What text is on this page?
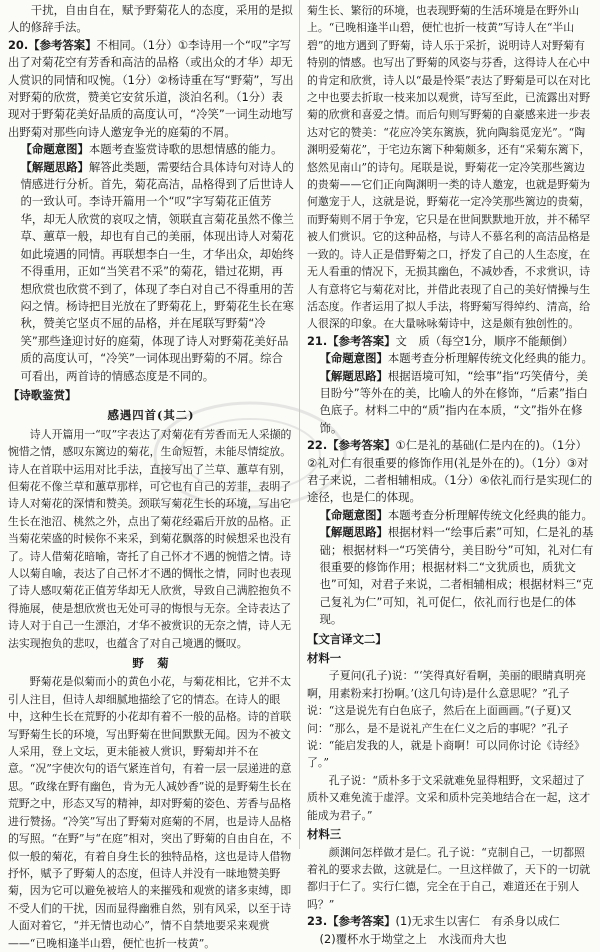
干扰，自由自在，赋予野菊花人的态度，采用的是拟人的修辞手法。

20.【参考答案】不相同。（1分）①李诗用一个“叹”字写出了对菊花空有芳香和高洁的品格（或出众的才华）却无人赏识的同情和叹惋。（1分）②杨诗重在写“野菊”，写出对野菊的欣赏，赞美它安贫乐道，淡泊名利。（1分）表现对于野菊花美好品质的高度认可，“冷笑”一词生动地写出野菊对那些向诗人邀宠争光的庭菊的不屑。

【命题意图】本题考查鉴赏诗歌的思想情感的能力。

【解题思路】解答此类题，需要结合具体诗句对诗人的情感进行分析。首先，菊花高洁，品格得到了后世诗人的一致认可。李诗开篇用一个“叹”字写菊花正值芳华，却无人欣赏的哀叹之情，领联直言菊花虽然不像兰草、蕙草一般，却也有自己的美丽，体现出诗人对菊花如此境遇的同情。再联想李白一生，才华出众，却始终不得重用，正如“当笑君不采”的菊花，错过花期，再想欣赏也欣赏不到了，体现了李白对自己不得重用的苦闷之情。杨诗把目光放在了野菊花上，野菊花生长在寒秋，赞美它坚贞不屈的品格，并在尾联写野菊“冷笑”那些逢迎讨好的庭菊，体现了诗人对野菊花美好品质的高度认可，“冷笑”一词体现出野菊的不屑。综合可看出，两首诗的情感态度是不同的。

【诗歌鉴赏】

感遇四首(其二)

诗人开篇用一“叹”字表达了对菊花有芳香而无人采撷的惋惜之情，感叹东篱边的菊花，生命短暂，未能尽情绽放。诗人在首联中运用对比手法，直接写出了兰草、蕙草有别，但菊花不像兰草和蕙草那样，可它也有自己的芳菲，表明了诗人对菊花的深情和赞美。颈联写菊花生长的环境，写出它生长在池沼、桃然之外，点出了菊花经霜后开放的品格。正当菊花荣盛的时候你不来采，到菊花飘落的时候想采也没有了。诗人借菊花暗喻，寄托了自己怀才不遇的惋惜之情。诗人以菊自喻，表达了自己怀才不遇的惆怅之情，同时也表现了诗人感叹菊花正值芳华却无人欣赏，导致自己满腔抱负不得施展，使是想欣赏也无处可寻的悔恨与无奈。全诗表达了诗人对于自己一生漂泊，才华不被赏识的无奈之情，诗人无法实现抱负的悲叹，也蕴含了对自己境遇的慨叹。

野　菊

野菊花是似菊而小的黄色小花，与菊花相比，它并不太引人注目，但诗人却细腻地描绘了它的情态。在诗人的眼中，这种生长在荒野的小花却有着不一般的品格。诗的首联写野菊生长的环境，写出野菊在世间默默无闻。因为不被文人采用，登上文坛，更未能被人赏识，野菊却并不在意。“况”字使次句的语气紧连首句，有着一层一层递进的意思。“政缘在野有幽色，肯为无人减妙香”说的是野菊生长在荒野之中，形态又写的精神，却对野菊的姿色、芳香与品格进行赞扬。“冷笑”写出了野菊对庭菊的不屑，也是诗人品格的写照。“在野”与“在庭”相对，突出了野菊的自由自在，不似一般的菊花，有着自身生长的独特品格，这也是诗人借物抒怀，赋予了野菊人的态度，但诗人并没有一昧地赞美野菊，因为它可以避免被培人的来摧残和观赏的诸多束缚，即不受人们的干扰，因而显得幽雅自然，别有风采，以至于诗人面对着它，“并无情也动心”，情不自禁地要采来观赏——“已晚相逢半山碧，便忙也折一枝黄”。

菊生长、繁衍的环境，也表现野菊的生活环境是在野外山上。“已晚相逢半山碧，便忙也折一枝黄”写诗人在“半山碧”的地方遇到了野菊，诗人乐于采折，说明诗人对野菊有特别的情感。也写出了野菊的风姿与芬香，这得诗人在心中的肯定和欣赏，诗人以“最是怜渠”表达了野菊是可以在对比之中也要去折取一枝来加以观赏，诗写至此，已流露出对野菊的欣赏和喜爱之情。而后句则写野菊的自豪感来进一步表达对它的赞美：“花应冷笑东篱族，犹向陶翁觅宠光”。“陶渊明爱菊花”，于宅边东篱下种菊颇多，还有“采菊东篱下，悠然见南山”的诗句。尾联是说，野菊花一定冷笑那些篱边的贵菊——它们正向陶渊明一类的诗人邀宠，也就是野菊为何邀宠于人，这就是说，野菊花一定冷笑那些篱边的贵菊，而野菊则不屑于争宠，它只是在世间默默地开放，并不稀罕被人们赏识。它的这种品格，与诗人不慕名利的高洁品格是一致的。诗人正是借野菊之口，抒发了自己的人生态度，在无人看重的情况下，无损其幽色，不减妙香，不求赏识，诗人有意将它与菊花对比，并借此表现了自己的美好情操与生活态度。作者运用了拟人手法，将野菊写得绰约、清高，给人很深的印象。在大量咏咏菊诗中，这是颇有独创性的。

21.【参考答案】文　质（每空1分，顺序不能颠倒）

【命题意图】本题考查分析理解传统文化经典的能力。

【解题思路】根据语境可知，“绘事”指“巧笑倩兮，美目盼兮”等外在的美，比喻人的外在修饰，“后素”指白色底子。材料二中的“质”指内在本质，“文”指外在修饰。

22.【参考答案】①仁是礼的基础(仁是内在的)。（1分）②礼对仁有很重要的修饰作用(礼是外在的)。（1分）③对君子来说，二者相辅相成。（1分）④依礼而行是实现仁的途径，也是仁的体现。

【命题意图】本题考查分析理解传统文化经典的能力。

【解题思路】根据材料一“绘事后素”可知，仁是礼的基础；根据材料一“巧笑倩兮，美目盼兮”可知，礼对仁有很重要的修饰作用；根据材料二“文犹质也，质犹文也”可知，对君子来说，二者相辅相成；根据材料三“克己复礼为仁”可知，礼可促仁，依礼而行也是仁的体现。

【文言译文二】

材料一

子夏问(孔子)说：“‘笑得真好看啊，美丽的眼睛真明亮啊，用素粉来打扮啊。’(这几句诗)是什么意思呢？”孔子说：“这是说先有白色底子，然后在上面画画。”(子夏)又问：“那么，是不是说礼产生在仁义之后的事呢？”孔子说：“能启发我的人，就是卜商啊！可以同你讨论《诗经》了。”

孔子说：“质朴多于文采就难免显得粗野，文采超过了质朴又难免流于虚浮。文采和质朴完美地结合在一起，这才能成为君子。”

材料三

颜渊问怎样做才是仁。孔子说：“克制自己，一切都照着礼的要求去做，这就是仁。一旦这样做了，天下的一切就都归于仁了。实行仁德，完全在于自己，难道还在于别人吗？”

23.【参考答案】(1)无求生以害仁　有杀身以成仁

(2)覆杯水于坳堂之上　水浅而舟大也
